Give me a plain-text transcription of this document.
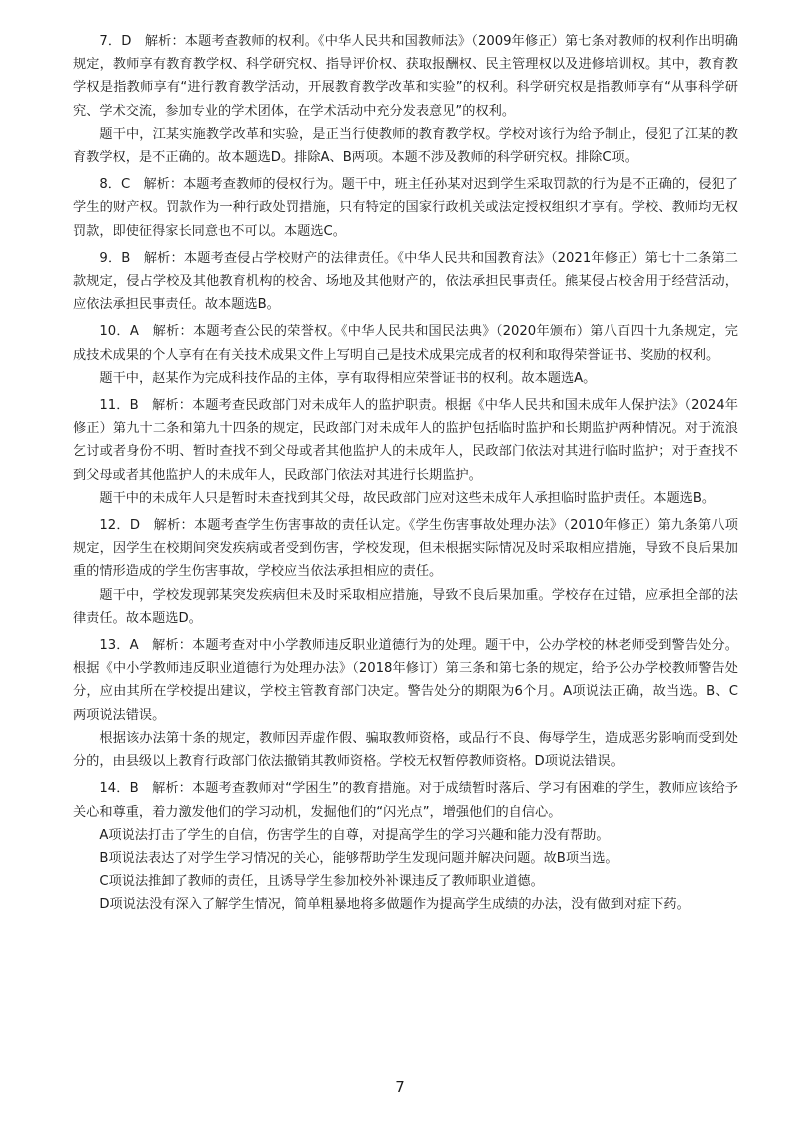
7．D　解析：本题考查教师的权利。《中华人民共和国教师法》（2009年修正）第七条对教师的权利作出明确规定，教师享有教育教学权、科学研究权、指导评价权、获取报酬权、民主管理权以及进修培训权。其中，教育教学权是指教师享有“进行教育教学活动，开展教育教学改革和实验”的权利。科学研究权是指教师享有“从事科学研究、学术交流，参加专业的学术团体，在学术活动中充分发表意见”的权利。

题干中，江某实施教学改革和实验，是正当行使教师的教育教学权。学校对该行为给予制止，侵犯了江某的教育教学权，是不正确的。故本题选D。排除A、B两项。本题不涉及教师的科学研究权。排除C项。

8．C　解析：本题考查教师的侵权行为。题干中，班主任孙某对迟到学生采取罚款的行为是不正确的，侵犯了学生的财产权。罚款作为一种行政处罚措施，只有特定的国家行政机关或法定授权组织才享有。学校、教师均无权罚款，即使征得家长同意也不可以。本题选C。

9．B　解析：本题考查侵占学校财产的法律责任。《中华人民共和国教育法》（2021年修正）第七十二条第二款规定，侵占学校及其他教育机构的校舍、场地及其他财产的，依法承担民事责任。熊某侵占校舍用于经营活动，应依法承担民事责任。故本题选B。

10．A　解析：本题考查公民的荣誉权。《中华人民共和国民法典》（2020年颁布）第八百四十九条规定，完成技术成果的个人享有在有关技术成果文件上写明自己是技术成果完成者的权利和取得荣誉证书、奖励的权利。

题干中，赵某作为完成科技作品的主体，享有取得相应荣誉证书的权利。故本题选A。

11．B　解析：本题考查民政部门对未成年人的监护职责。根据《中华人民共和国未成年人保护法》（2024年修正）第九十二条和第九十四条的规定，民政部门对未成年人的监护包括临时监护和长期监护两种情况。对于流浪乞讨或者身份不明、暂时查找不到父母或者其他监护人的未成年人，民政部门依法对其进行临时监护；对于查找不到父母或者其他监护人的未成年人，民政部门依法对其进行长期监护。

题干中的未成年人只是暂时未查找到其父母，故民政部门应对这些未成年人承担临时监护责任。本题选B。

12．D　解析：本题考查学生伤害事故的责任认定。《学生伤害事故处理办法》（2010年修正）第九条第八项规定，因学生在校期间突发疾病或者受到伤害，学校发现，但未根据实际情况及时采取相应措施，导致不良后果加重的情形造成的学生伤害事故，学校应当依法承担相应的责任。

题干中，学校发现郭某突发疾病但未及时采取相应措施，导致不良后果加重。学校存在过错，应承担全部的法律责任。故本题选D。

13．A　解析：本题考查对中小学教师违反职业道德行为的处理。题干中，公办学校的林老师受到警告处分。根据《中小学教师违反职业道德行为处理办法》（2018年修订）第三条和第七条的规定，给予公办学校教师警告处分，应由其所在学校提出建议，学校主管教育部门决定。警告处分的期限为6个月。A项说法正确，故当选。B、C两项说法错误。

根据该办法第十条的规定，教师因弄虚作假、骗取教师资格，或品行不良、侮辱学生，造成恶劣影响而受到处分的，由县级以上教育行政部门依法撤销其教师资格。学校无权暂停教师资格。D项说法错误。

14．B　解析：本题考查教师对“学困生”的教育措施。对于成绩暂时落后、学习有困难的学生，教师应该给予关心和尊重，着力激发他们的学习动机，发掘他们的“闪光点”，增强他们的自信心。

A项说法打击了学生的自信，伤害学生的自尊，对提高学生的学习兴趣和能力没有帮助。

B项说法表达了对学生学习情况的关心，能够帮助学生发现问题并解决问题。故B项当选。

C项说法推卸了教师的责任，且诱导学生参加校外补课违反了教师职业道德。

D项说法没有深入了解学生情况，简单粗暴地将多做题作为提高学生成绩的办法，没有做到对症下药。

7
